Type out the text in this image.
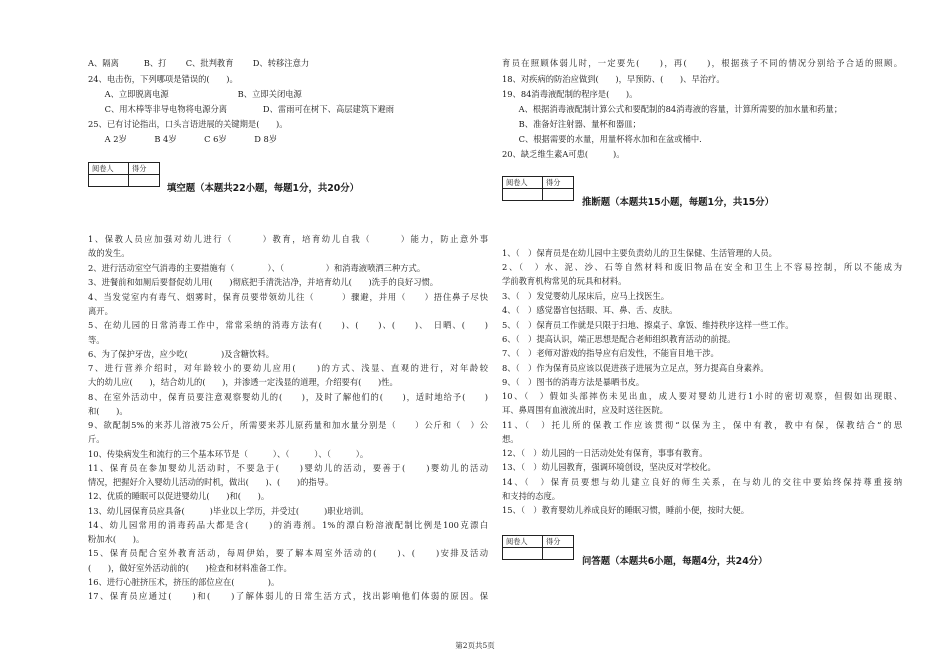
A、隔离　　　B、打　　 C、批判教育　　 D、转移注意力
24、电击伤，下列哪项是错误的(　　)。
　　A、立即脱离电源　　　　　　　　 B、立即关闭电源
　　C、用木棒等非导电物将电源分离　　　　 D、雷雨可在树下、高层建筑下避雨
25、已有讨论指出，口头言语进展的关键期是(　　)。
　　A 2岁　　　 B 4岁　　　 C 6岁　　　 D 8岁
阅卷人	得分

填空题（本题共22小题，每题1分，共20分）
1、保教人员应加强对幼儿进行（　　　）教育，培育幼儿自我（　　　）能力，防止意外事
故的发生。
2、进行活动室空气消毒的主要措施有（　　　　）、（　　　　　）和消毒液喷洒三种方式。
3、进餐前和如厕后要督促幼儿用(　　)彻底把手清洗洁净，并培育幼儿(　　)洗手的良好习惯。
4、当发觉室内有毒气、烟雾时，保育员要带领幼儿往（　　　）骤避，并用（　　）捂住鼻子尽快
离开。
5、在幼儿园的日常消毒工作中，常常采纳的消毒方法有(　　)、(　　)、(　　)、　日晒、(　　)
等。
6、为了保护牙齿，应少吃(　　　　)及含糖饮料。
7、进行营养介绍时，对年龄较小的要幼儿应用(　　)的方式、浅显、直观的进行，对年龄较
大的幼儿应(　　)，结合幼儿的(　　)，并渗透一定浅显的道理，介绍要有(　　)性。
8、在室外活动中，保育员要注意观察婴幼儿的(　　)，及时了解他们的(　　)，适时地给予(　　)
和(　　)。
9、欲配制5%的来苏儿溶液75公斤，所需要来苏儿原药量和加水量分别是（　　）公斤和（　）公
斤。
10、传染病发生和流行的三个基本环节是（　　　）、（　　　）、（　　　）。
11、保育员在参加婴幼儿活动时，不要急于(　　)婴幼儿的活动，要善于(　　)婴幼儿的活动
情况，把握好介入婴幼儿活动的时机，做出(　　)、(　　)的指导。
12、优质的睡眠可以促进婴幼儿(　　)和(　　)。
13、幼儿园保育员应具备(　　　)毕业以上学历，并受过(　　　)职业培训。
14、幼儿园常用的消毒药品大都是含(　　)的消毒剂。1%的漂白粉溶液配制比例是100克漂白
粉加水(　　)。
15、保育员配合室外教育活动，每周伊始，要了解本周室外活动的(　　)、(　　)安排及活动
(　　)，做好室外活动前的(　　)检查和材料准备工作。
16、进行心脏挤压术，挤压的部位应在(　　　　)。
17、保育员应通过(　　)和(　　)了解体弱儿的日常生活方式，找出影响他们体弱的原因。保
育员在照顾体弱儿时，一定要先(　　)，再(　　)，根据孩子不同的情况分别给予合适的照顾。
18、对疾病的防治应做到(　　)，早预防、(　　)、早治疗。
19、84消毒液配制的程序是(　　)。
　　A、根据消毒液配制计算公式和要配制的84消毒液的容量，计算所需要的加水量和药量；
　　B、准备好注射器、量杯和器皿；
　　C、根据需要的水量，用量杯将水加和在盆或桶中.
20、缺乏维生素A可患(　　　)。
阅卷人	得分

推断题（本题共15小题，每题1分，共15分）
1、（　）保育员是在幼儿园中主要负责幼儿的卫生保健、生活管理的人员。
2、（　）水、泥、沙、石等自然材料和废旧物品在安全和卫生上不容易控制，所以不能成为
学前教育机构常见的玩具和材料。
3、（　）发觉婴幼儿尿床后，应马上找医生。
4、（　）感觉器官包括眼、耳、鼻、舌、皮肤。
5、（　）保育员工作就是只限于扫地、擦桌子、拿饭、维持秩序这样一些工作。
6、（　）提高认识，端正思想是配合老师组织教育活动的前提。
7、（　）老师对游戏的指导应有启发性，不能盲目地干涉。
8、（　）作为保育员应该以促进孩子进展为立足点，努力提高自身素养。
9、（　）图书的消毒方法是暴晒书皮。
10、（　）假如头部摔伤未见出血，成人要对婴幼儿进行1小时的密切观察，但假如出现眼、
耳、鼻周围有血液流出时，应及时送往医院。
11、（　）托儿所的保教工作应该贯彻“以保为主，保中有教，教中有保，保教结合”的思
想。
12、（　）幼儿园的一日活动处处有保育，事事有教育。
13、（　）幼儿园教育，强调环境创设，坚决反对学校化。
14、（　）保育员要想与幼儿建立良好的师生关系，在与幼儿的交往中要始终保持尊重接纳
和支持的态度。
15、（　）教育婴幼儿养成良好的睡眠习惯，睡前小便，按时大便。
阅卷人	得分

问答题（本题共6小题，每题4分，共24分）
第2页共5页
